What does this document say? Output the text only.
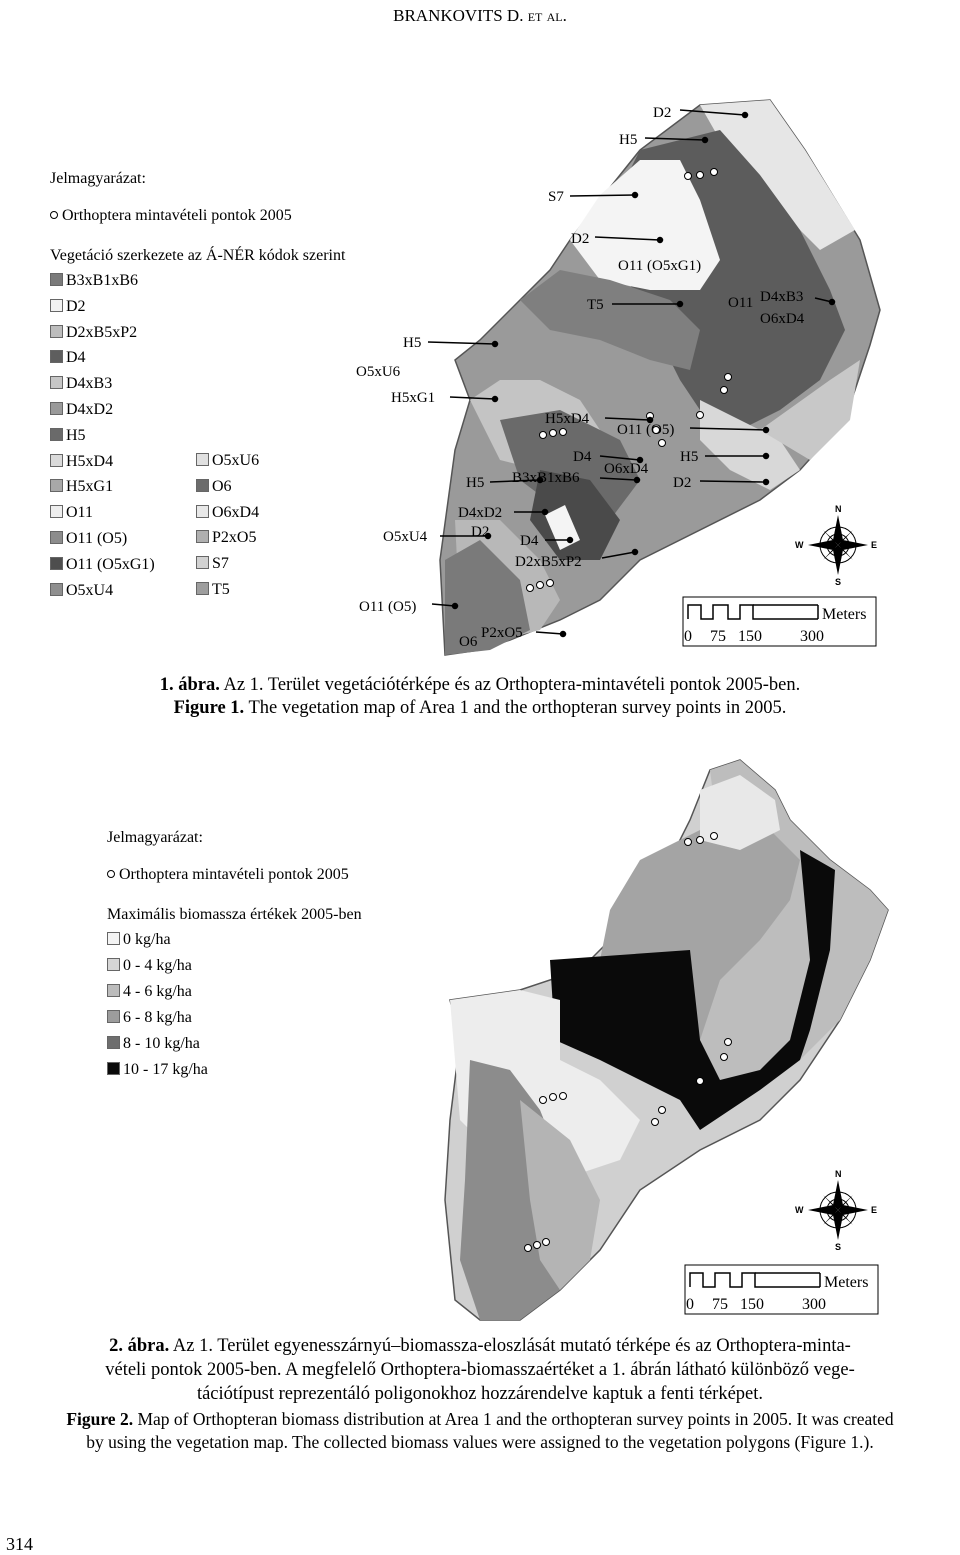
BRANKOVITS D. et al.
D2
H5
S7
D2
O11 (O5xG1)
T5	O11 D4xB3
O6xD4
H5
O5xU6
H5xG1
H5xD4
O11 (O5)
D4	H5
O6xD4
H5 B3xB1xB6	D2
D4xD2
D2
D4
O5xU4
D2xB5xP2
O11 (O5)
P2xO5
O6
N
S
W	E
Meters
0 75 150 300
Jelmagyarázat:
Orthoptera mintavételi pontok 2005
Vegetáció szerkezete az Á-NÉR kódok szerint
B3xB1xB6
D2
D2xB5xP2
D4
D4xB3
D4xD2
H5
H5xD4
H5xG1
O11
O11 (O5)
O11 (O5xG1)
O5xU4
O5xU6
O6
O6xD4
P2xO5
S7
T5
1. ábra. Az 1. Terület vegetációtérképe és az Orthoptera-mintavételi pontok 2005-ben.
Figure 1. The vegetation map of Area 1 and the orthopteran survey points in 2005.
N
S
W	E
Meters
0 75 150 300
Jelmagyarázat:
Orthoptera mintavételi pontok 2005
Maximális biomassza értékek 2005-ben
0 kg/ha
0 - 4 kg/ha
4 - 6 kg/ha
6 - 8 kg/ha
8 - 10 kg/ha
10 - 17 kg/ha
2. ábra. Az 1. Terület egyenesszárnyú–biomassza-eloszlását mutató térképe és az Orthoptera-minta-
vételi pontok 2005-ben. A megfelelő Orthoptera-biomasszaértéket a 1. ábrán látható különböző vege-
tációtípust reprezentáló poligonokhoz hozzárendelve kaptuk a fenti térképet.
Figure 2. Map of Orthopteran biomass distribution at Area 1 and the orthopteran survey points in 2005. It was created
by using the vegetation map. The collected biomass values were assigned to the vegetation polygons (Figure 1.).
314
